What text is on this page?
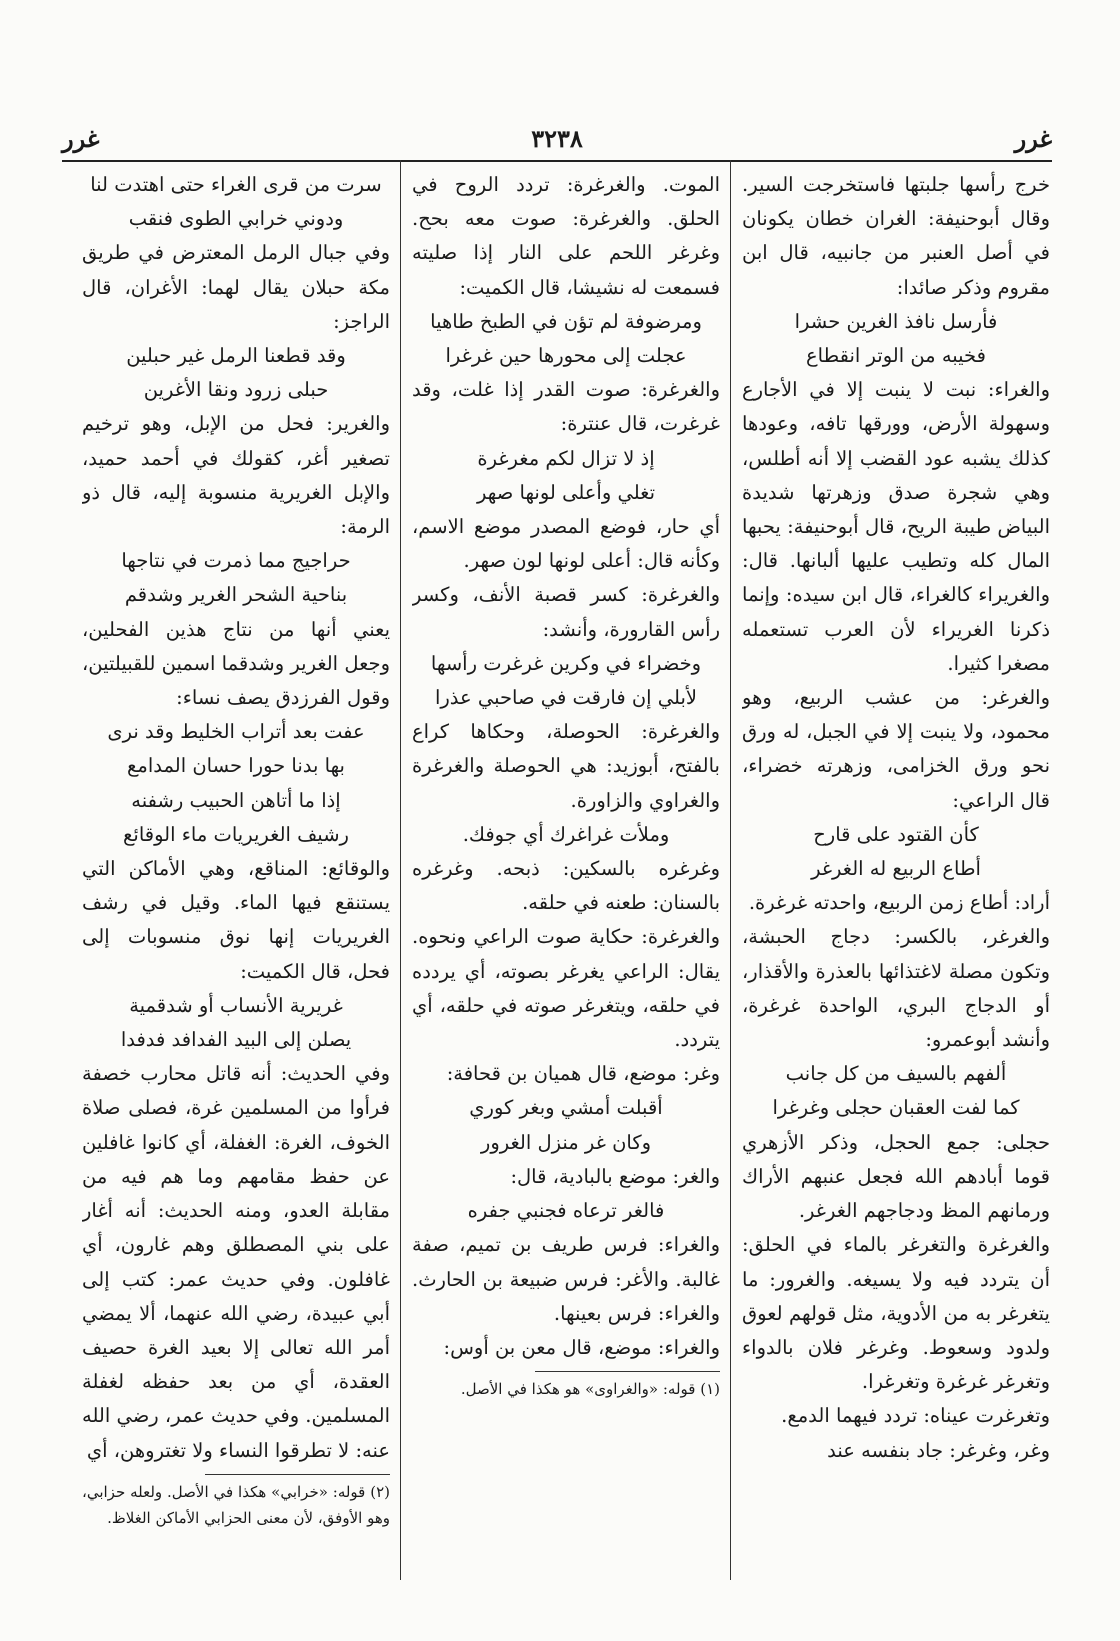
غرر
٣٢٣٨
غرر

خرج رأسها جلبتها فاستخرجت السير. وقال أبوحنيفة: الغران خطان يكونان في أصل العنبر من جانبيه، قال ابن مقروم وذكر صائدا:

فأرسل نافذ الغرين حشرا

فخيبه من الوتر انقطاع

والغراء: نبت لا ينبت إلا في الأجارع وسهولة الأرض، وورقها تافه، وعودها كذلك يشبه عود القضب إلا أنه أطلس، وهي شجرة صدق وزهرتها شديدة البياض طيبة الريح، قال أبوحنيفة: يحبها المال كله وتطيب عليها ألبانها. قال: والغريراء كالغراء، قال ابن سيده: وإنما ذكرنا الغريراء لأن العرب تستعمله مصغرا كثيرا.

والغرغر: من عشب الربيع، وهو محمود، ولا ينبت إلا في الجبل، له ورق نحو ورق الخزامى، وزهرته خضراء، قال الراعي:

كأن القتود على قارح

أطاع الربيع له الغرغر

أراد: أطاع زمن الربيع، واحدته غرغرة.

والغرغر، بالكسر: دجاج الحبشة، وتكون مصلة لاغتذائها بالعذرة والأقذار، أو الدجاج البري، الواحدة غرغرة، وأنشد أبوعمرو:

ألفهم بالسيف من كل جانب

كما لفت العقبان حجلى وغرغرا

حجلى: جمع الحجل، وذكر الأزهري قوما أبادهم الله فجعل عنبهم الأراك ورمانهم المظ ودجاجهم الغرغر.

والغرغرة والتغرغر بالماء في الحلق: أن يتردد فيه ولا يسيغه. والغرور: ما يتغرغر به من الأدوية، مثل قولهم لعوق ولدود وسعوط. وغرغر فلان بالدواء وتغرغر غرغرة وتغرغرا.

وتغرغرت عيناه: تردد فيهما الدمع.

وغر، وغرغر: جاد بنفسه عند

الموت. والغرغرة: تردد الروح في الحلق. والغرغرة: صوت معه بحح. وغرغر اللحم على النار إذا صليته فسمعت له نشيشا، قال الكميت:

ومرضوفة لم تؤن في الطبخ طاهيا

عجلت إلى محورها حين غرغرا

والغرغرة: صوت القدر إذا غلت، وقد غرغرت، قال عنترة:

إذ لا تزال لكم مغرغرة

تغلي وأعلى لونها صهر

أي حار، فوضع المصدر موضع الاسم، وكأنه قال: أعلى لونها لون صهر.

والغرغرة: كسر قصبة الأنف، وكسر رأس القارورة، وأنشد:

وخضراء في وكرين غرغرت رأسها

لأبلي إن فارقت في صاحبي عذرا

والغرغرة: الحوصلة، وحكاها كراع بالفتح، أبوزيد: هي الحوصلة والغرغرة والغراوي والزاورة.

وملأت غراغرك أي جوفك.

وغرغره بالسكين: ذبحه. وغرغره بالسنان: طعنه في حلقه.

والغرغرة: حكاية صوت الراعي ونحوه. يقال: الراعي يغرغر بصوته، أي يردده في حلقه، ويتغرغر صوته في حلقه، أي يتردد.

وغر: موضع، قال هميان بن قحافة:

أقبلت أمشي وبغر كوري

وكان غر منزل الغرور

والغر: موضع بالبادية، قال:

فالغر ترعاه فجنبي جفره

والغراء: فرس طريف بن تميم، صفة غالبة. والأغر: فرس ضبيعة بن الحارث. والغراء: فرس بعينها.

والغراء: موضع، قال معن بن أوس:

(١) قوله: «والغراوى» هو هكذا في الأصل.

سرت من قرى الغراء حتى اهتدت لنا

ودوني خرابي الطوى فنقب

وفي جبال الرمل المعترض في طريق مكة حبلان يقال لهما: الأغران، قال الراجز:

وقد قطعنا الرمل غير حبلين

حبلى زرود ونقا الأغرين

والغرير: فحل من الإبل، وهو ترخيم تصغير أغر، كقولك في أحمد حميد، والإبل الغريرية منسوبة إليه، قال ذو الرمة:

حراجيج مما ذمرت في نتاجها

بناحية الشحر الغرير وشدقم

يعني أنها من نتاج هذين الفحلين، وجعل الغرير وشدقما اسمين للقبيلتين، وقول الفرزدق يصف نساء:

عفت بعد أتراب الخليط وقد نرى

بها بدنا حورا حسان المدامع

إذا ما أتاهن الحبيب رشفنه

رشيف الغريريات ماء الوقائع

والوقائع: المناقع، وهي الأماكن التي يستنقع فيها الماء. وقيل في رشف الغريريات إنها نوق منسوبات إلى فحل، قال الكميت:

غريرية الأنساب أو شدقمية

يصلن إلى البيد الفدافد فدفدا

وفي الحديث: أنه قاتل محارب خصفة فرأوا من المسلمين غرة، فصلى صلاة الخوف، الغرة: الغفلة، أي كانوا غافلين عن حفظ مقامهم وما هم فيه من مقابلة العدو، ومنه الحديث: أنه أغار على بني المصطلق وهم غارون، أي غافلون. وفي حديث عمر: كتب إلى أبي عبيدة، رضي الله عنهما، ألا يمضي أمر الله تعالى إلا بعيد الغرة حصيف العقدة، أي من بعد حفظه لغفلة المسلمين. وفي حديث عمر، رضي الله عنه: لا تطرقوا النساء ولا تغتروهن، أي

(٢) قوله: «خرابي» هكذا في الأصل. ولعله حزابي، وهو الأوفق، لأن معنى الحزابي الأماكن الغلاظ.
